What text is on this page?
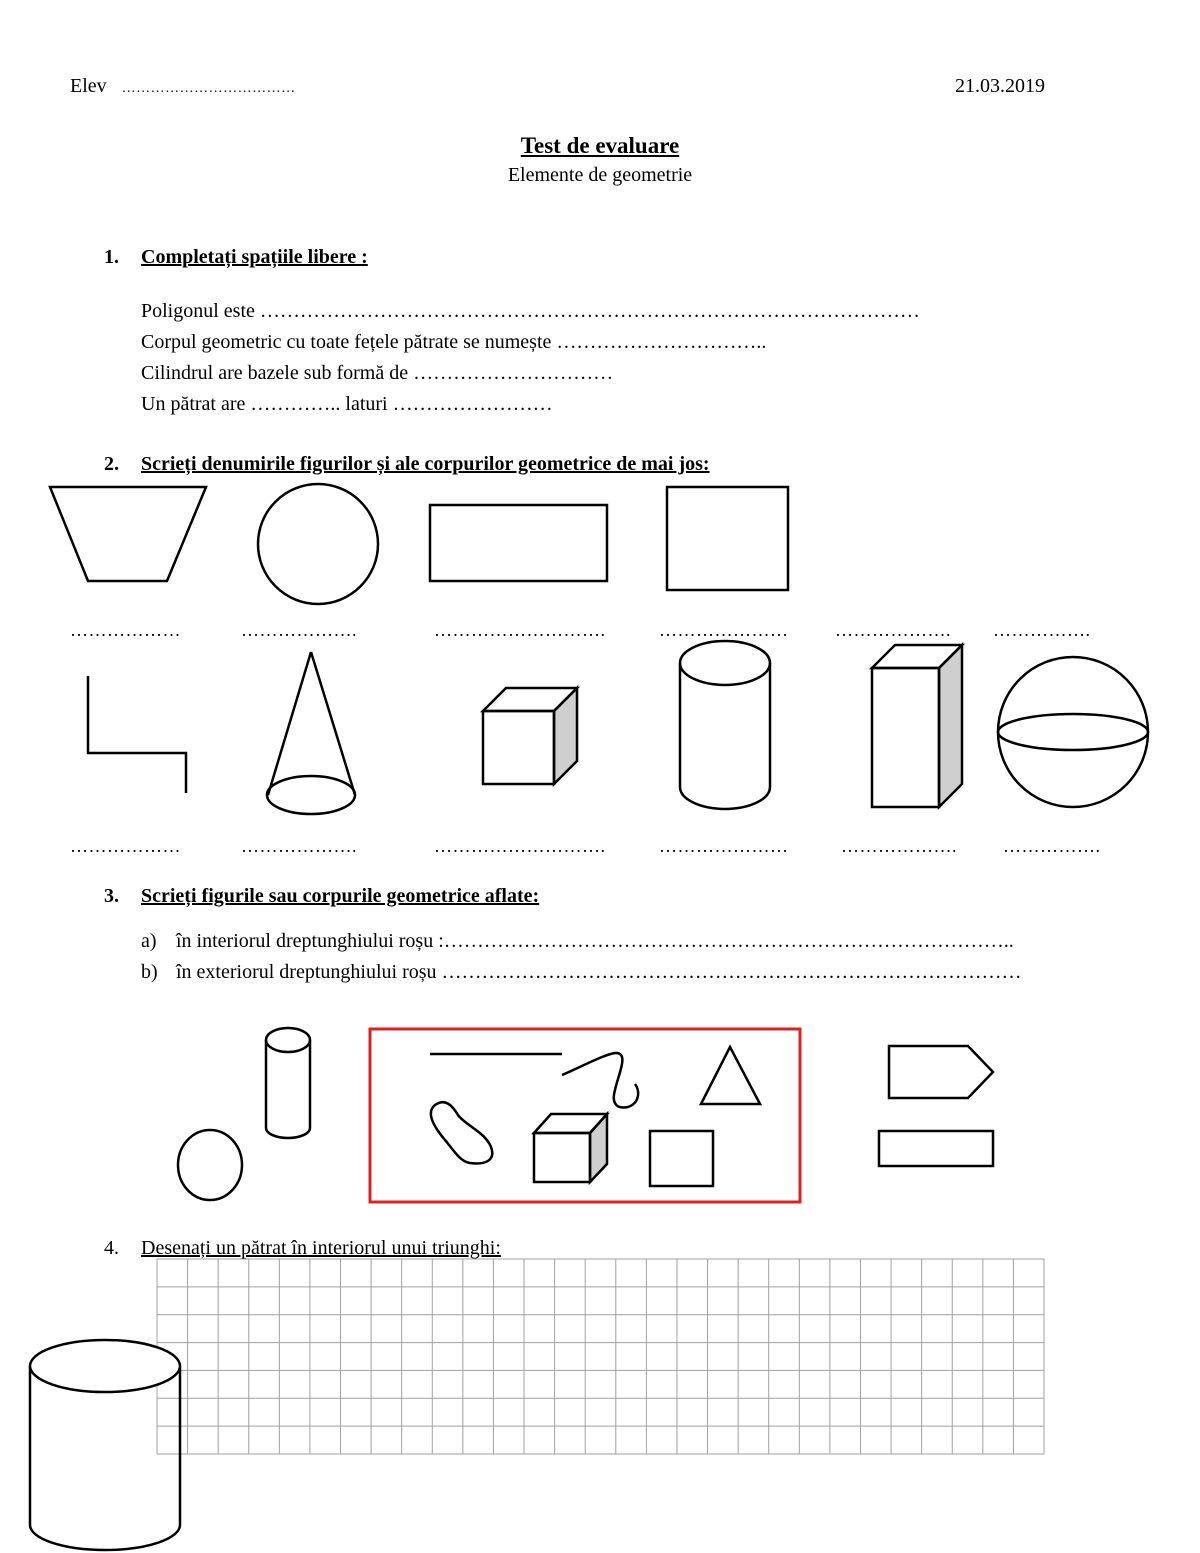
Elev ………………………………	21.03.2019
Test de evaluare
Elemente de geometrie
1. Completați spațiile libere :
Poligonul este ………………………………………………………………………………………
Corpul geometric cu toate fețele pătrate se numește …………………………..
Cilindrul are bazele sub formă de …………………………
Un pătrat are ………….. laturi ……………………
2. Scrieți denumirile figurilor și ale corpurilor geometrice de mai jos:
………………	……………….	……………………….	…………………	………………. …………….
………………	……………….	……………………….	…………………	……………….	…………….
3. Scrieți figurile sau corpurile geometrice aflate:
a) în interiorul dreptunghiului roșu :…………………………………………………………………………..
b) în exteriorul dreptunghiului roșu ……………………………………………………………………………
4. Desenați un pătrat în interiorul unui triunghi:
